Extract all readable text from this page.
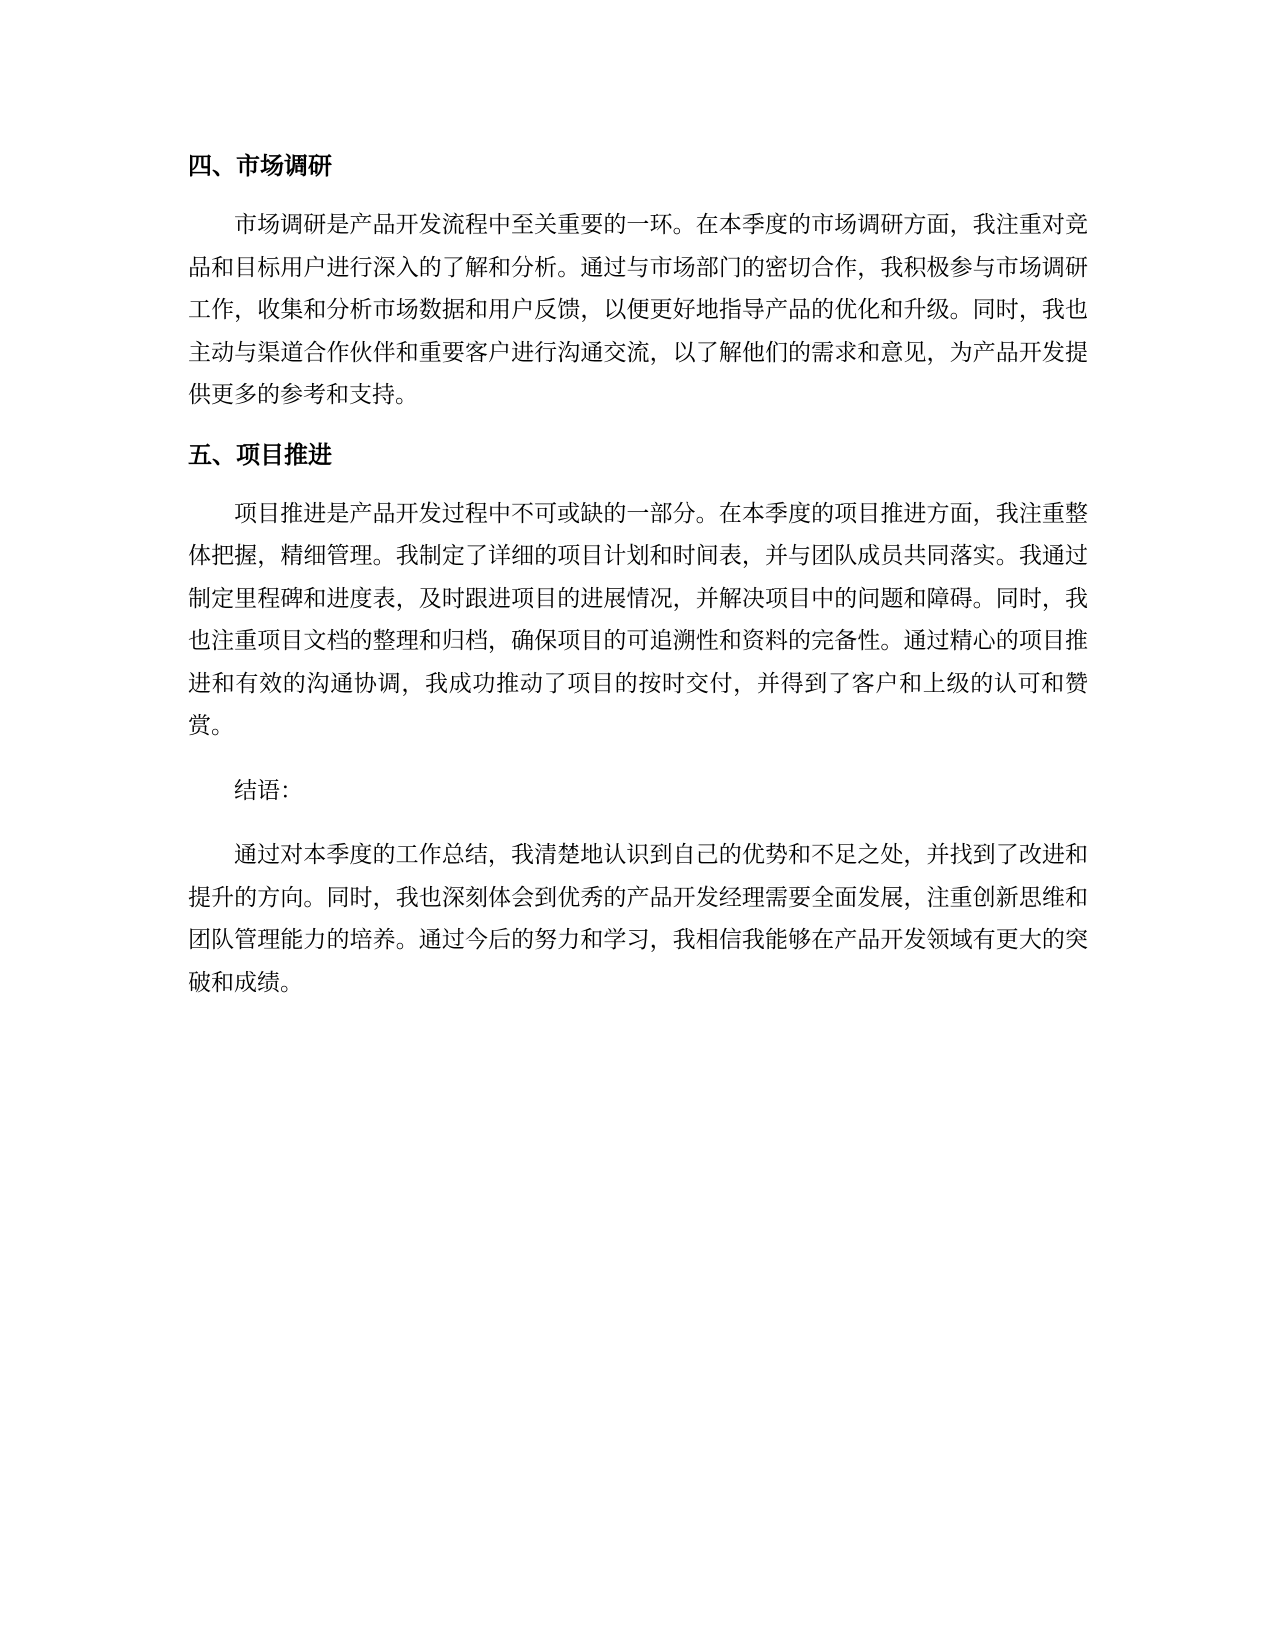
四、市场调研

市场调研是产品开发流程中至关重要的一环。在本季度的市场调研方面，我注重对竞品和目标用户进行深入的了解和分析。通过与市场部门的密切合作，我积极参与市场调研工作，收集和分析市场数据和用户反馈，以便更好地指导产品的优化和升级。同时，我也主动与渠道合作伙伴和重要客户进行沟通交流，以了解他们的需求和意见，为产品开发提供更多的参考和支持。

五、项目推进

项目推进是产品开发过程中不可或缺的一部分。在本季度的项目推进方面，我注重整体把握，精细管理。我制定了详细的项目计划和时间表，并与团队成员共同落实。我通过制定里程碑和进度表，及时跟进项目的进展情况，并解决项目中的问题和障碍。同时，我也注重项目文档的整理和归档，确保项目的可追溯性和资料的完备性。通过精心的项目推进和有效的沟通协调，我成功推动了项目的按时交付，并得到了客户和上级的认可和赞赏。

结语：

通过对本季度的工作总结，我清楚地认识到自己的优势和不足之处，并找到了改进和提升的方向。同时，我也深刻体会到优秀的产品开发经理需要全面发展，注重创新思维和团队管理能力的培养。通过今后的努力和学习，我相信我能够在产品开发领域有更大的突破和成绩。
